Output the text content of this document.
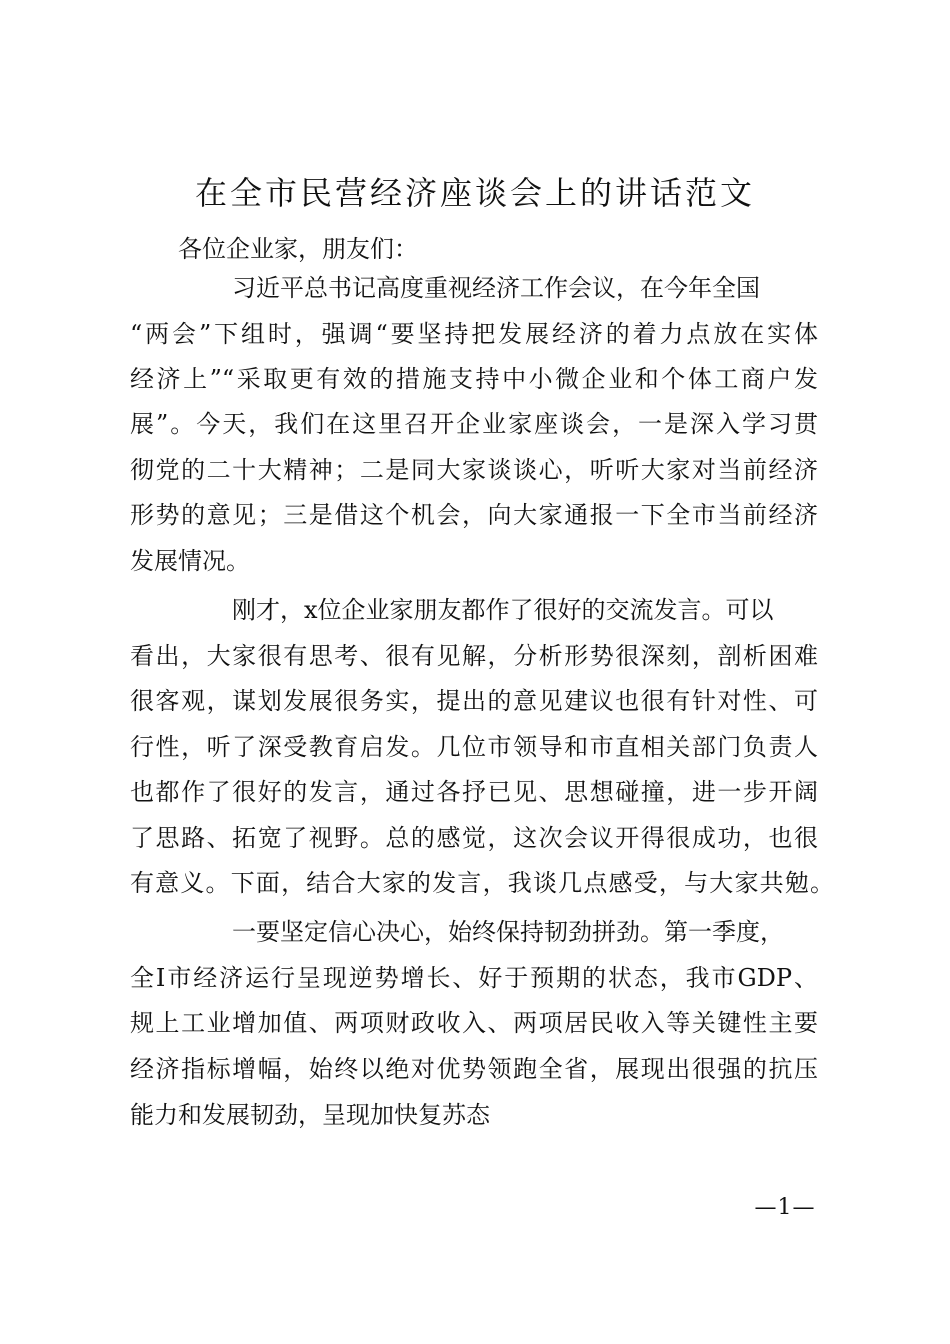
在全市民营经济座谈会上的讲话范文

各位企业家，朋友们：

习近平总书记高度重视经济工作会议，在今年全国

“两会”下组时，强调“要坚持把发展经济的着力点放在实体

经济上”“采取更有效的措施支持中小微企业和个体工商户发

展”。今天，我们在这里召开企业家座谈会，一是深入学习贯

彻党的二十大精神；二是同大家谈谈心，听听大家对当前经济

形势的意见；三是借这个机会，向大家通报一下全市当前经济

发展情况。

刚才，x位企业家朋友都作了很好的交流发言。可以

看出，大家很有思考、很有见解，分析形势很深刻，剖析困难

很客观，谋划发展很务实，提出的意见建议也很有针对性、可

行性，听了深受教育启发。几位市领导和市直相关部门负责人

也都作了很好的发言，通过各抒已见、思想碰撞，进一步开阔

了思路、拓宽了视野。总的感觉，这次会议开得很成功，也很

有意义。下面，结合大家的发言，我谈几点感受，与大家共勉。

一要坚定信心决心，始终保持韧劲拼劲。第一季度，

全I市经济运行呈现逆势增长、好于预期的状态，我市GDP、

规上工业增加值、两项财政收入、两项居民收入等关键性主要

经济指标增幅，始终以绝对优势领跑全省，展现出很强的抗压

能力和发展韧劲，呈现加快复苏态

—1—
